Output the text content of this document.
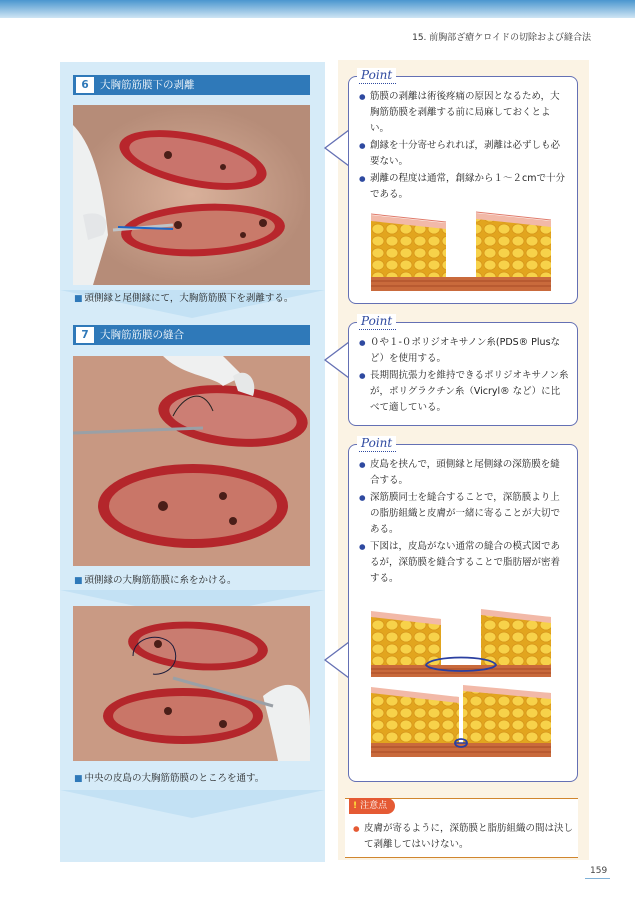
15. 前胸部ざ瘡ケロイドの切除および縫合法
6 大胸筋筋膜下の剥離
■ 頭側縁と尾側縁にて，大胸筋筋膜下を剥離する。
7 大胸筋筋膜の縫合
■ 頭側縁の大胸筋筋膜に糸をかける。
■ 中央の皮島の大胸筋筋膜のところを通す。
Point
● 筋膜の剥離は術後疼痛の原因となるため，大胸筋筋膜を剥離する前に局麻しておくとよい。
● 創縁を十分寄せられれば，剥離は必ずしも必要ない。
● 剥離の程度は通常，創縁から１～２cmで十分である。
Point
● ０や１-０ポリジオキサノン糸(PDS® Plusなど）を使用する。
● 長期間抗張力を維持できるポリジオキサノン糸が，ポリグラクチン糸（Vicryl® など）に比べて適している。
Point
● 皮島を挟んで，頭側縁と尾側縁の深筋膜を縫合する。
● 深筋膜同士を縫合することで，深筋膜より上の脂肪組織と皮膚が一緒に寄ることが大切である。
● 下図は，皮島がない通常の縫合の模式図であるが，深筋膜を縫合することで脂肪層が密着する。
! 注意点
● 皮膚が寄るように，深筋膜と脂肪組織の間は決して剥離してはいけない。
159
